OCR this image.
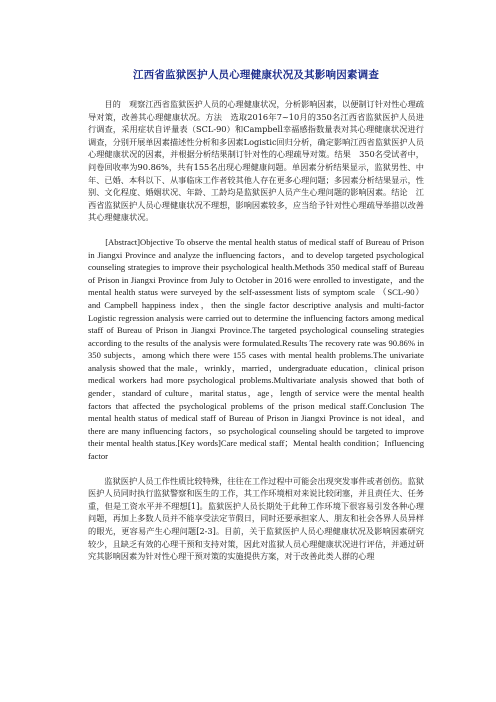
江西省监狱医护人员心理健康状况及其影响因素调查

目的　观察江西省监狱医护人员的心理健康状况，分析影响因素，以便制订针对性心理疏导对策，改善其心理健康状况。方法　选取2016年7~10月的350名江西省监狱医护人员进行调查，采用症状自评量表（SCL-90）和Campbell幸福感指数量表对其心理健康状况进行调查，分别开展单因素描述性分析和多因素Logistic回归分析，确定影响江西省监狱医护人员心理健康状况的因素，并根据分析结果制订针对性的心理疏导对策。结果　350名受试者中，问卷回收率为90.86%，共有155名出现心理健康问题。单因素分析结果显示，监狱男性、中年、已婚、本科以下、从事临床工作者较其他人存在更多心理问题；多因素分析结果显示，性别、文化程度、婚姻状况、年龄、工龄均是监狱医护人员产生心理问题的影响因素。结论　江西省监狱医护人员心理健康状况不理想，影响因素较多，应当给予针对性心理疏导举措以改善其心理健康状况。

[Abstract]Objective To observe the mental health status of medical staff of Bureau of Prison in Jiangxi Province and analyze the influencing factors，and to develop targeted psychological counseling strategies to improve their psychological health.Methods 350 medical staff of Bureau of Prison in Jiangxi Province from July to October in 2016 were enrolled to investigate，and the mental health status were surveyed by the self-assessment lists of symptom scale （SCL-90） and Campbell happiness index，then the single factor descriptive analysis and multi-factor Logistic regression analysis were carried out to determine the influencing factors among medical staff of Bureau of Prison in Jiangxi Province.The targeted psychological counseling strategies according to the results of the analysis were formulated.Results The recovery rate was 90.86% in 350 subjects，among which there were 155 cases with mental health problems.The univariate analysis showed that the male，wrinkly，married，undergraduate education，clinical prison medical workers had more psychological problems.Multivariate analysis showed that both of gender，standard of culture，marital status，age，length of service were the mental health factors that affected the psychological problems of the prison medical staff.Conclusion The mental health status of medical staff of Bureau of Prison in Jiangxi Province is not ideal，and there are many influencing factors，so psychological counseling should be targeted to improve their mental health status.[Key words]Care medical staff；Mental health condition；Influencing factor

监狱医护人员工作性质比较特殊，往往在工作过程中可能会出现突发事件或者创伤。监狱医护人员同时执行监狱警察和医生的工作，其工作环境相对来说比较闭塞，并且责任大、任务重，但是工资水平并不理想[1]。监狱医护人员长期处于此种工作环境下很容易引发各种心理问题，再加上多数人员并不能享受法定节假日，同时还要承担家人、朋友和社会各界人员异样的眼光，更容易产生心理问题[2-3]。目前，关于监狱医护人员心理健康状况及影响因素研究较少，且缺乏有效的心理干预和支持对策，因此对监狱人员心理健康状况进行评估，并通过研究其影响因素为针对性心理干预对策的实施提供方案，对于改善此类人群的心理
